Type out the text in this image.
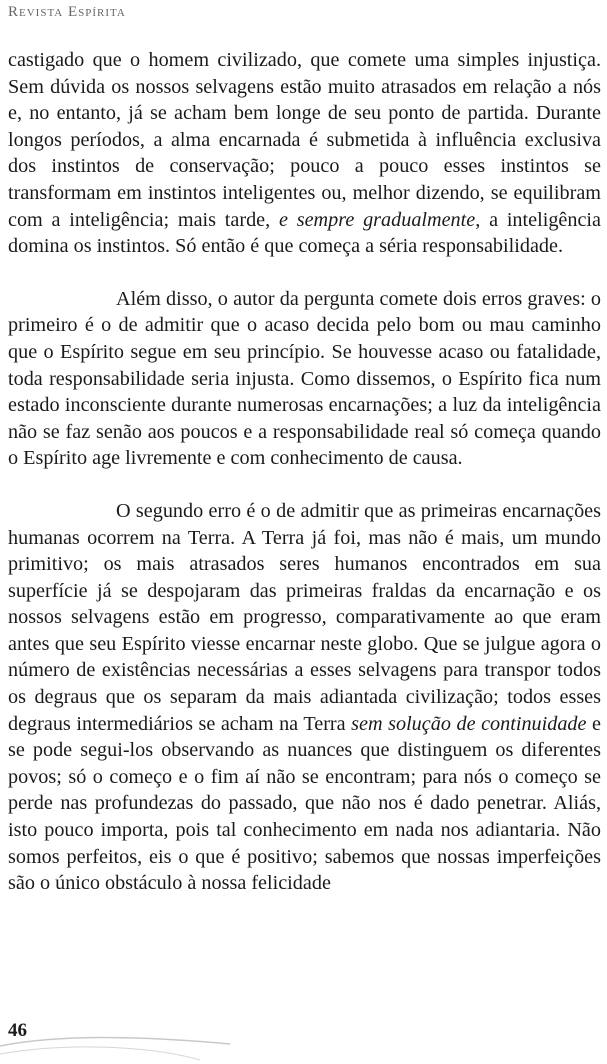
Revista Espírita

castigado que o homem civilizado, que comete uma simples injustiça. Sem dúvida os nossos selvagens estão muito atrasados em relação a nós e, no entanto, já se acham bem longe de seu ponto de partida. Durante longos períodos, a alma encarnada é submetida à influência exclusiva dos instintos de conservação; pouco a pouco esses instintos se transformam em instintos inteligentes ou, melhor dizendo, se equilibram com a inteligência; mais tarde, e sempre gradualmente, a inteligência domina os instintos. Só então é que começa a séria responsabilidade.

Além disso, o autor da pergunta comete dois erros graves: o primeiro é o de admitir que o acaso decida pelo bom ou mau caminho que o Espírito segue em seu princípio. Se houvesse acaso ou fatalidade, toda responsabilidade seria injusta. Como dissemos, o Espírito fica num estado inconsciente durante numerosas encarnações; a luz da inteligência não se faz senão aos poucos e a responsabilidade real só começa quando o Espírito age livremente e com conhecimento de causa.

O segundo erro é o de admitir que as primeiras encarnações humanas ocorrem na Terra. A Terra já foi, mas não é mais, um mundo primitivo; os mais atrasados seres humanos encontrados em sua superfície já se despojaram das primeiras fraldas da encarnação e os nossos selvagens estão em progresso, comparativamente ao que eram antes que seu Espírito viesse encarnar neste globo. Que se julgue agora o número de existências necessárias a esses selvagens para transpor todos os degraus que os separam da mais adiantada civilização; todos esses degraus intermediários se acham na Terra sem solução de continuidade e se pode segui-los observando as nuances que distinguem os diferentes povos; só o começo e o fim aí não se encontram; para nós o começo se perde nas profundezas do passado, que não nos é dado penetrar. Aliás, isto pouco importa, pois tal conhecimento em nada nos adiantaria. Não somos perfeitos, eis o que é positivo; sabemos que nossas imperfeições são o único obstáculo à nossa felicidade

46
